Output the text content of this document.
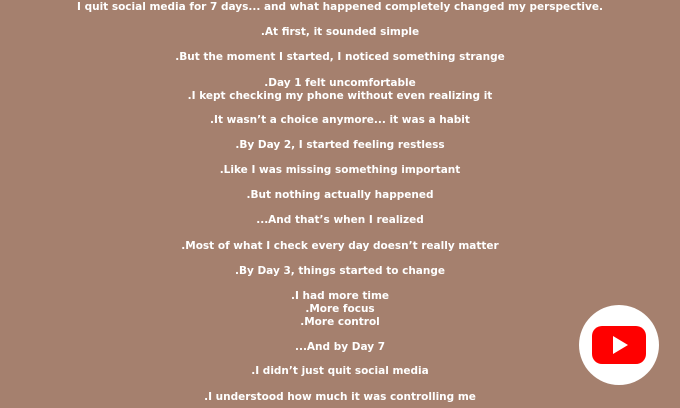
I quit social media for 7 days... and what happened completely changed my perspective.
.At first, it sounded simple
.But the moment I started, I noticed something strange
.Day 1 felt uncomfortable
.I kept checking my phone without even realizing it
.It wasn’t a choice anymore... it was a habit
.By Day 2, I started feeling restless
.Like I was missing something important
.But nothing actually happened
...And that’s when I realized
.Most of what I check every day doesn’t really matter
.By Day 3, things started to change
.I had more time
.More focus
.More control
...And by Day 7
.I didn’t just quit social media
.I understood how much it was controlling me
